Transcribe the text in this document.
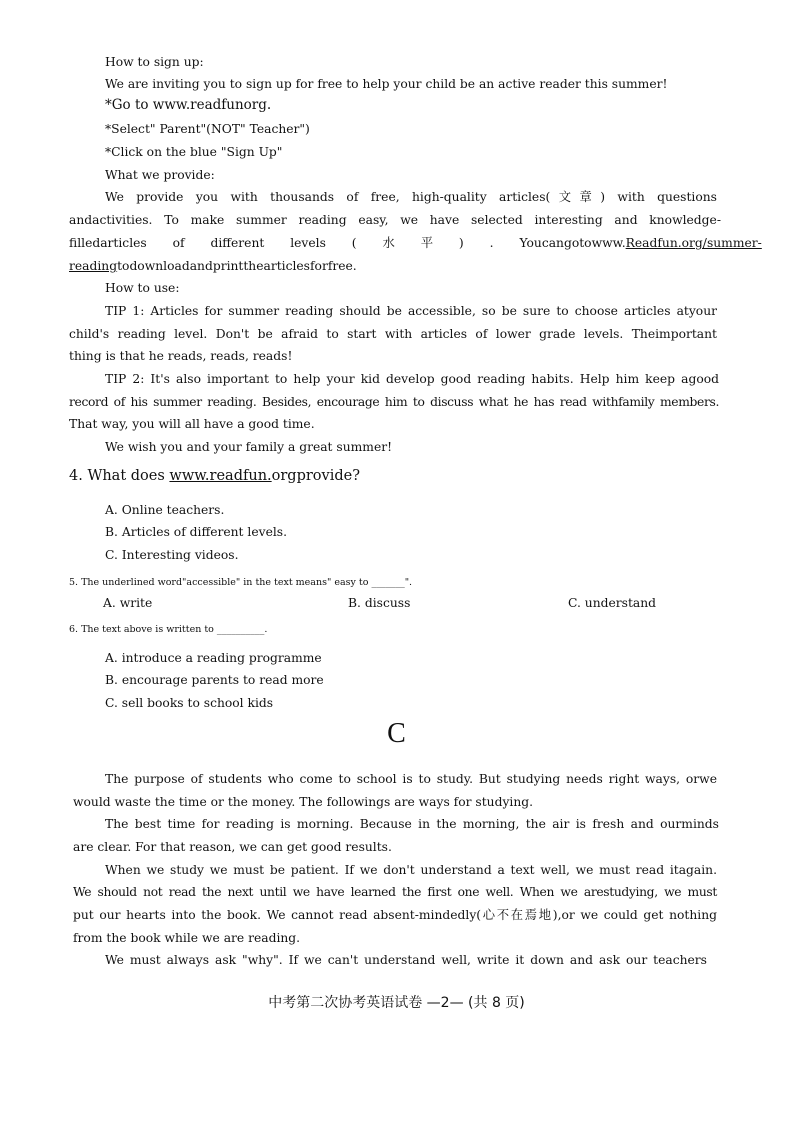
How to sign up:
We are inviting you to sign up for free to help your child be an active reader this summer!
*Go to www.readfunorg.
*Select" Parent"(NOT" Teacher")
*Click on the blue "Sign Up"
What we provide:
We provide you with thousands of free, high-quality articles(文章) with questions
andactivities. To make summer reading easy, we have selected interesting and knowledge-
filledarticles of different levels ( 水 平 ) . Youcangotowww. Readfun.org/summer-
readingtodownloadandprintthearticlesforfree.
How to use:
TIP 1: Articles for summer reading should be accessible, so be sure to choose articles atyour
child's reading level. Don't be afraid to start with articles of lower grade levels. Theimportant
thing is that he reads, reads, reads!
TIP 2: It's also important to help your kid develop good reading habits. Help him keep agood
record of his summer reading. Besides, encourage him to discuss what he has read withfamily members.
That way, you will all have a good time.
We wish you and your family a great summer!
4. What does www.readfun.orgprovide?
A. Online teachers.
B. Articles of different levels.
C. Interesting videos.
5. The underlined word"accessible" in the text means" easy to _______".
A. write	B. discuss	C. understand
6. The text above is written to __________.
A. introduce a reading programme
B. encourage parents to read more
C. sell books to school kids
C
The purpose of students who come to school is to study. But studying needs right ways, orwe
would waste the time or the money. The followings are ways for studying.
The best time for reading is morning. Because in the morning, the air is fresh and ourminds
are clear. For that reason, we can get good results.
When we study we must be patient. If we don't understand a text well, we must read itagain.
We should not read the next until we have learned the first one well. When we arestudying, we must
put our hearts into the book. We cannot read absent-mindedly(心不在焉地),or we could get nothing
from the book while we are reading.
We must always ask "why". If we can't understand well, write it down and ask our teachers
中考第二次协考英语试卷 —2— (共 8 页)
